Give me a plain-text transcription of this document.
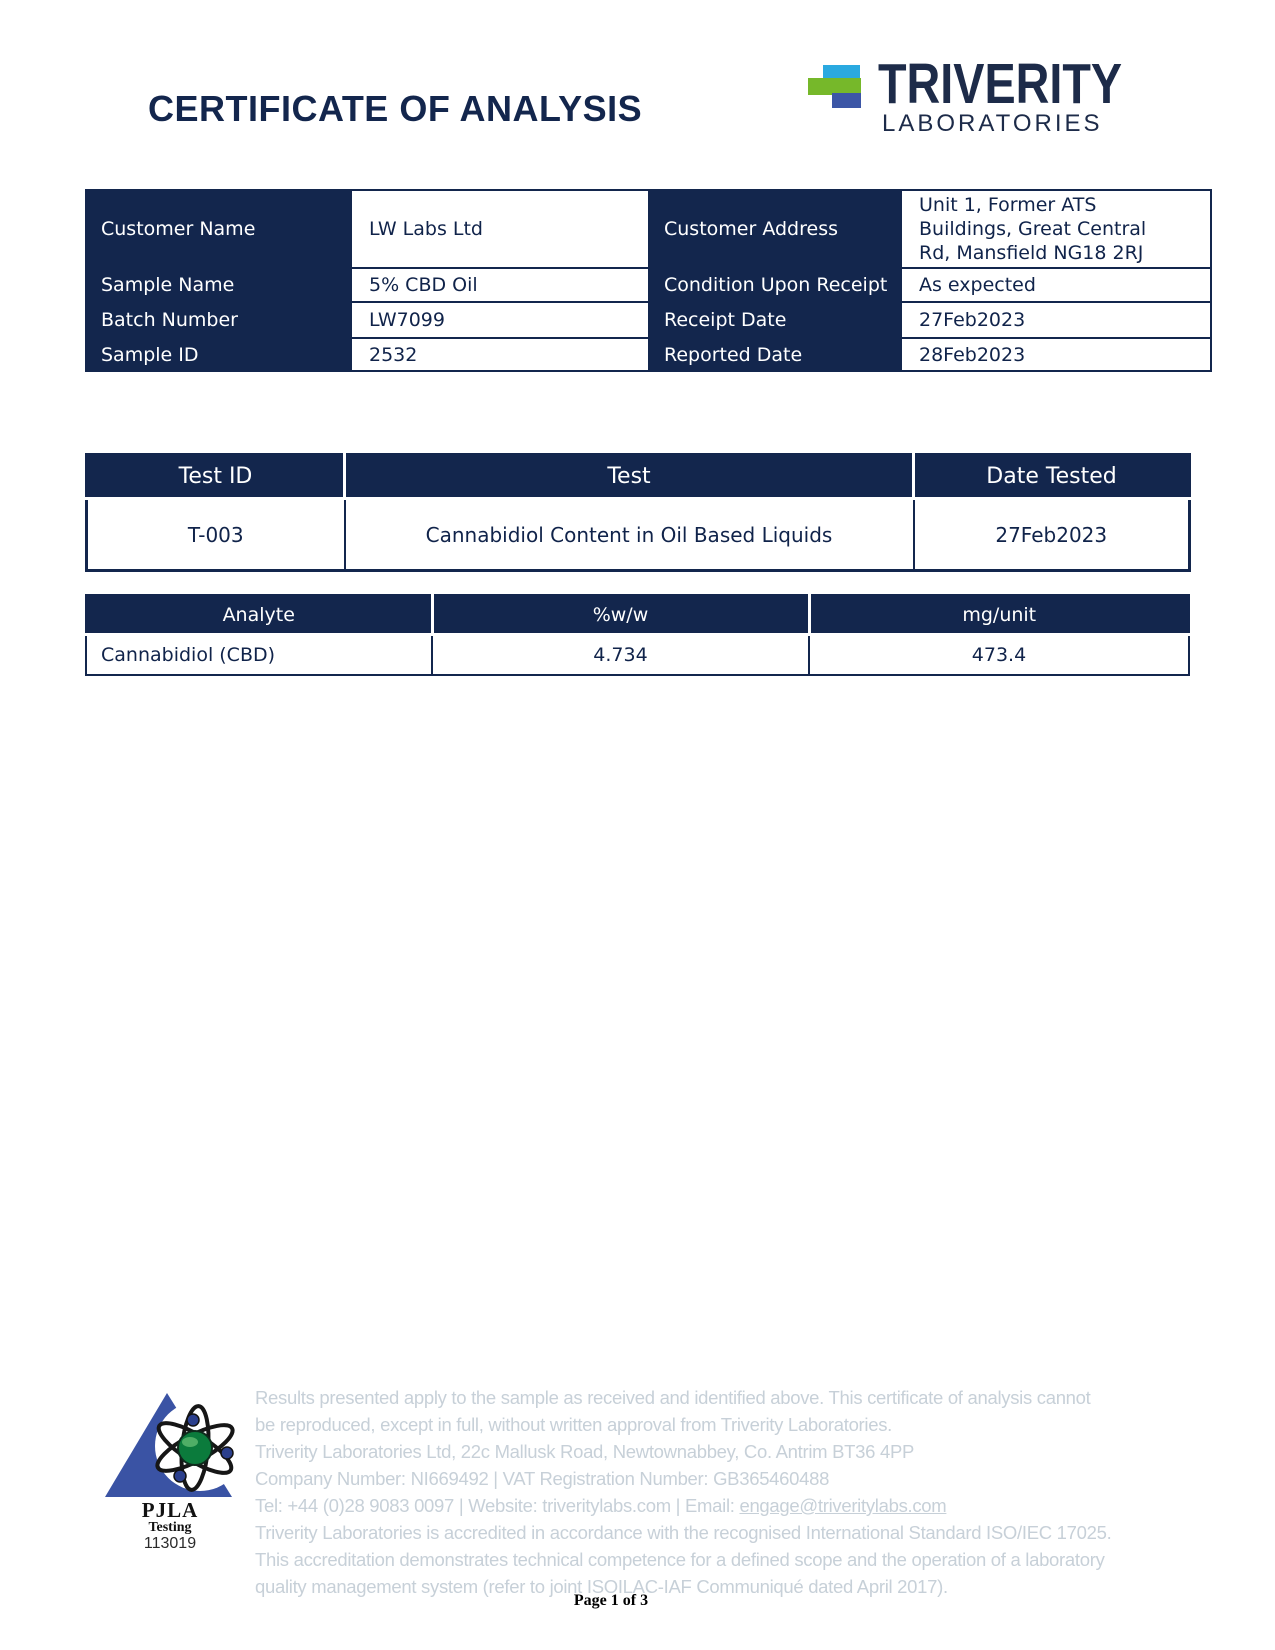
CERTIFICATE OF ANALYSIS	TRIVERITY
LABORATORIES
Customer Name	LW Labs Ltd	Customer Address	Unit 1, Former ATS Buildings, Great Central Rd, Mansfield NG18 2RJ

Sample Name	5% CBD Oil	Condition Upon Receipt	As expected
Batch Number	LW7099	Receipt Date	27Feb2023
Sample ID	2532	Reported Date	28Feb2023
Test ID	Test	Date Tested
T-003	Cannabidiol Content in Oil Based Liquids	27Feb2023
Analyte	%w/w	mg/unit
Cannabidiol (CBD)	4.734	473.4
PJLA
Testing
113019
Results presented apply to the sample as received and identified above. This certificate of analysis cannot
be reproduced, except in full, without written approval from Triverity Laboratories.
Triverity Laboratories Ltd, 22c Mallusk Road, Newtownabbey, Co. Antrim BT36 4PP
Company Number: NI669492 | VAT Registration Number: GB365460488
Tel: +44 (0)28 9083 0097 | Website: triveritylabs.com | Email: engage@triveritylabs.com
Triverity Laboratories is accredited in accordance with the recognised International Standard ISO/IEC 17025.
This accreditation demonstrates technical competence for a defined scope and the operation of a laboratory
quality management system (refer to joint ISOILAC-IAF Communiqué dated April 2017).
Page 1 of 3
